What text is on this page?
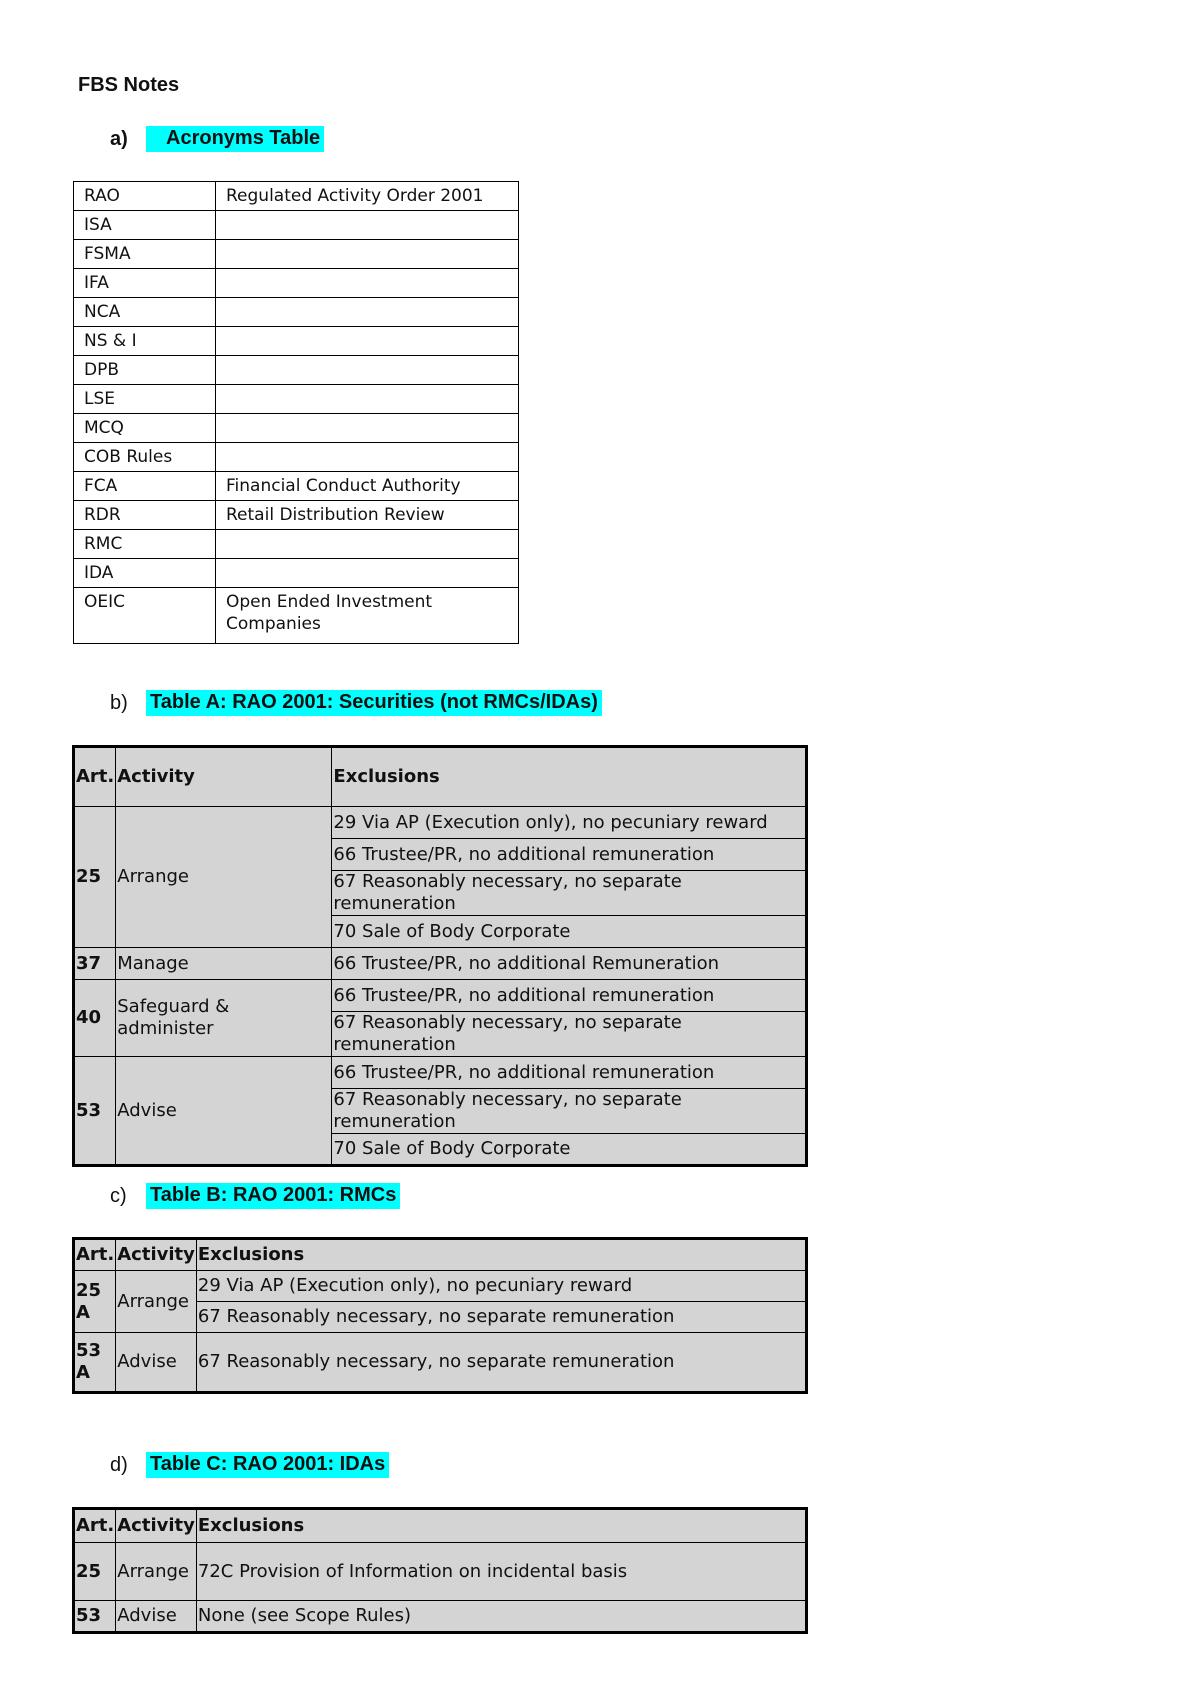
FBS Notes
a)	Acronyms Table
RAO	Regulated Activity Order 2001
ISA	
FSMA	
IFA	
NCA	
NS & I	
DPB	
LSE	
MCQ	
COB Rules	
FCA	Financial Conduct Authority
RDR	Retail Distribution Review
RMC	
IDA	
OEIC	Open Ended Investment Companies
b)	Table A: RAO 2001: Securities (not RMCs/IDAs)
Art.	Activity	Exclusions
25	Arrange	29 Via AP (Execution only), no pecuniary reward
		66 Trustee/PR, no additional remuneration
		67 Reasonably necessary, no separate remuneration
		70 Sale of Body Corporate
37	Manage	66 Trustee/PR, no additional Remuneration
40	Safeguard & administer	66 Trustee/PR, no additional remuneration
		67 Reasonably necessary, no separate remuneration
53	Advise	66 Trustee/PR, no additional remuneration
		67 Reasonably necessary, no separate remuneration
		70 Sale of Body Corporate
c)	Table B: RAO 2001: RMCs
Art.	Activity	Exclusions
25 A	Arrange	29 Via AP (Execution only), no pecuniary reward
		67 Reasonably necessary, no separate remuneration
53 A	Advise	67 Reasonably necessary, no separate remuneration
d)	Table C: RAO 2001: IDAs
Art.	Activity	Exclusions
25	Arrange	72C Provision of Information on incidental basis
53	Advise	None (see Scope Rules)
